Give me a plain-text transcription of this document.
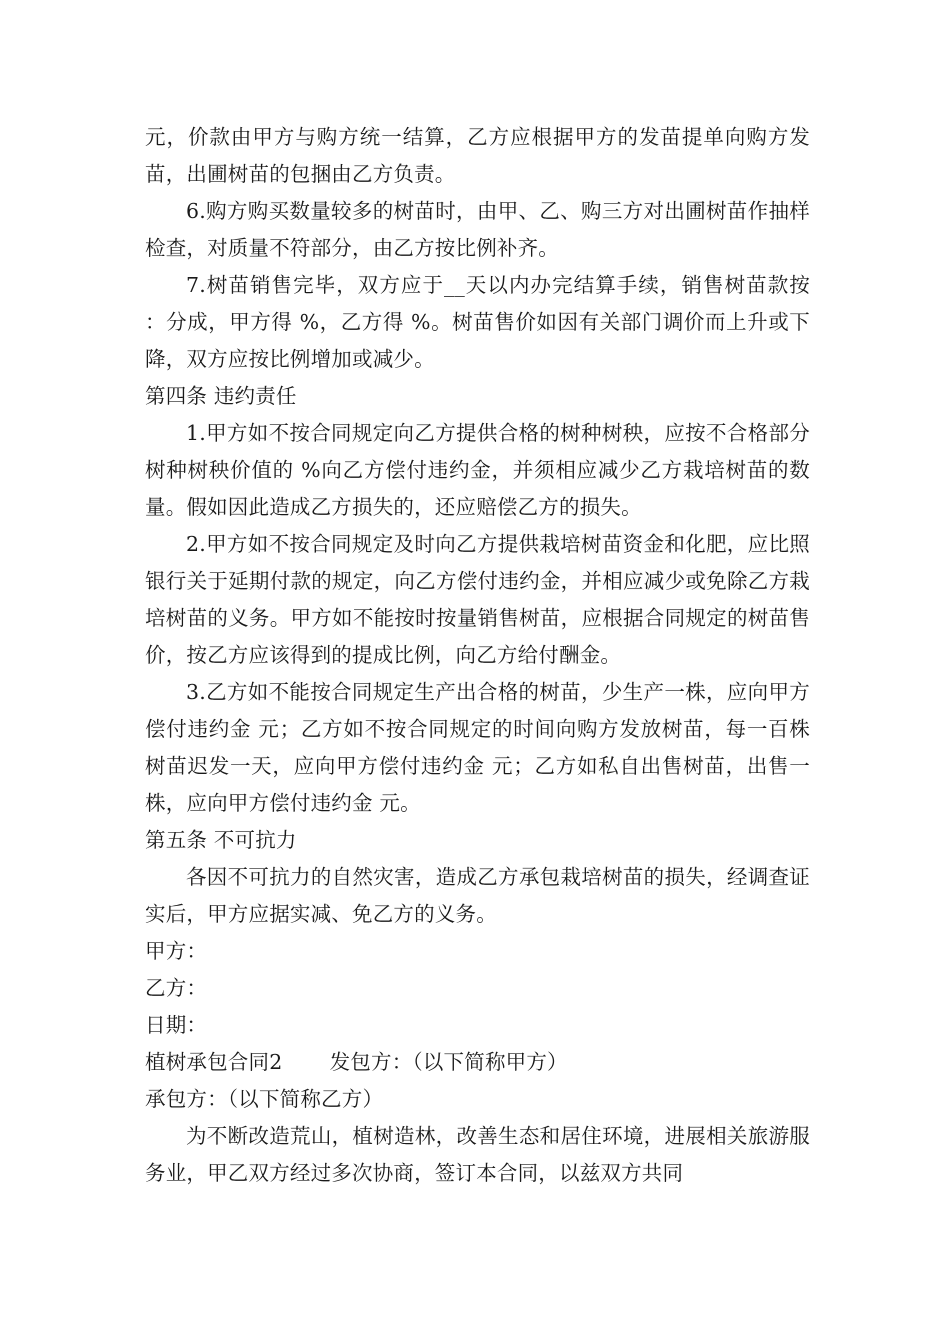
元，价款由甲方与购方统一结算，乙方应根据甲方的发苗提单向购方发苗，出圃树苗的包捆由乙方负责。

6.购方购买数量较多的树苗时，由甲、乙、购三方对出圃树苗作抽样检查，对质量不符部分，由乙方按比例补齐。

7.树苗销售完毕，双方应于__天以内办完结算手续，销售树苗款按 ：分成，甲方得 %，乙方得 %。树苗售价如因有关部门调价而上升或下降，双方应按比例增加或减少。

第四条 违约责任

1.甲方如不按合同规定向乙方提供合格的树种树秧，应按不合格部分树种树秧价值的 %向乙方偿付违约金，并须相应减少乙方栽培树苗的数量。假如因此造成乙方损失的，还应赔偿乙方的损失。

2.甲方如不按合同规定及时向乙方提供栽培树苗资金和化肥，应比照银行关于延期付款的规定，向乙方偿付违约金，并相应减少或免除乙方栽培树苗的义务。甲方如不能按时按量销售树苗，应根据合同规定的树苗售价，按乙方应该得到的提成比例，向乙方给付酬金。

3.乙方如不能按合同规定生产出合格的树苗，少生产一株，应向甲方偿付违约金 元；乙方如不按合同规定的时间向购方发放树苗，每一百株树苗迟发一天，应向甲方偿付违约金 元；乙方如私自出售树苗，出售一株，应向甲方偿付违约金 元。

第五条 不可抗力

各因不可抗力的自然灾害，造成乙方承包栽培树苗的损失，经调查证实后，甲方应据实减、免乙方的义务。

甲方：

乙方：

日期：

植树承包合同2 发包方：（以下简称甲方）

承包方：（以下简称乙方）

为不断改造荒山，植树造林，改善生态和居住环境，进展相关旅游服务业，甲乙双方经过多次协商，签订本合同，以兹双方共同
